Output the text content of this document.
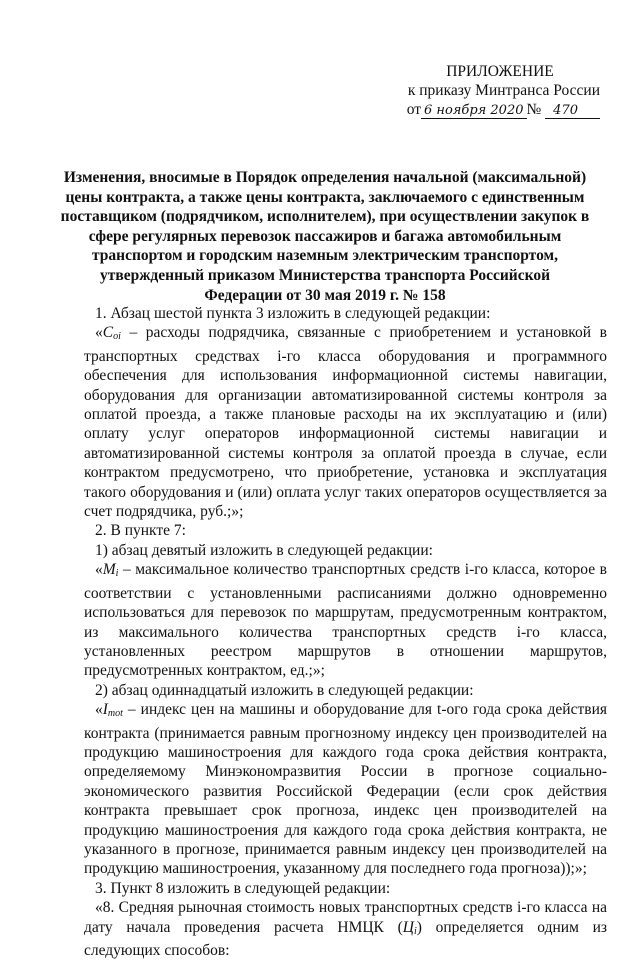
ПРИЛОЖЕНИЕ
к приказу Минтранса России
от 6 ноября 2020 № 470
Изменения, вносимые в Порядок определения начальной (максимальной) цены контракта, а также цены контракта, заключаемого с единственным поставщиком (подрядчиком, исполнителем), при осуществлении закупок в сфере регулярных перевозок пассажиров и багажа автомобильным транспортом и городским наземным электрическим транспортом, утвержденный приказом Министерства транспорта Российской Федерации от 30 мая 2019 г. № 158

1. Абзац шестой пункта 3 изложить в следующей редакции:

«Coi – расходы подрядчика, связанные с приобретением и установкой в транспортных средствах i-го класса оборудования и программного обеспечения для использования информационной системы навигации, оборудования для организации автоматизированной системы контроля за оплатой проезда, а также плановые расходы на их эксплуатацию и (или) оплату услуг операторов информационной системы навигации и автоматизированной системы контроля за оплатой проезда в случае, если контрактом предусмотрено, что приобретение, установка и эксплуатация такого оборудования и (или) оплата услуг таких операторов осуществляется за счет подрядчика, руб.;»;

2. В пункте 7:

1) абзац девятый изложить в следующей редакции:

«Mi – максимальное количество транспортных средств i-го класса, которое в соответствии с установленными расписаниями должно одновременно использоваться для перевозок по маршрутам, предусмотренным контрактом, из максимального количества транспортных средств i-го класса, установленных реестром маршрутов в отношении маршрутов, предусмотренных контрактом, ед.;»;

2) абзац одиннадцатый изложить в следующей редакции:

«Imot – индекс цен на машины и оборудование для t-ого года срока действия контракта (принимается равным прогнозному индексу цен производителей на продукцию машиностроения для каждого года срока действия контракта, определяемому Минэкономразвития России в прогнозе социально-экономического развития Российской Федерации (если срок действия контракта превышает срок прогноза, индекс цен производителей на продукцию машиностроения для каждого года срока действия контракта, не указанного в прогнозе, принимается равным индексу цен производителей на продукцию машиностроения, указанному для последнего года прогноза));»;

3. Пункт 8 изложить в следующей редакции:

«8. Средняя рыночная стоимость новых транспортных средств i-го класса на дату начала проведения расчета НМЦК (Цi) определяется одним из следующих способов:
